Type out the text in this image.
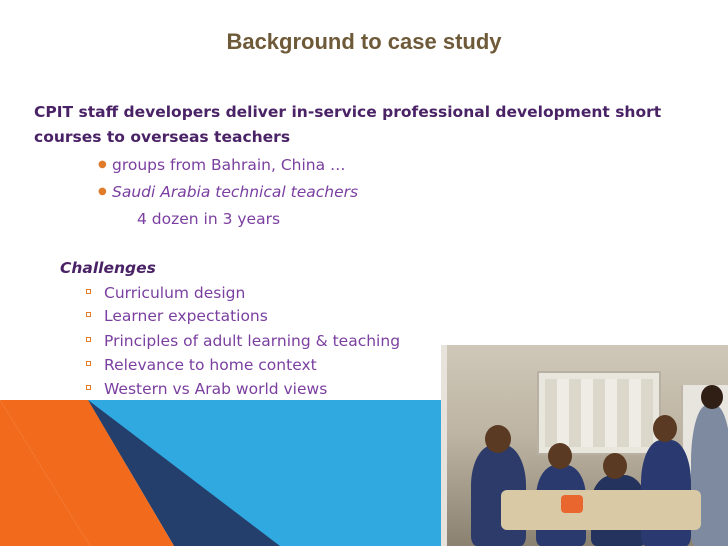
Background to case study
CPIT staff developers deliver in-service professional development short courses to overseas teachers
● groups from Bahrain, China …
● Saudi Arabia technical teachers
4 dozen in 3 years
Challenges
Curriculum design
Learner expectations
Principles of adult learning & teaching
Relevance to home context
Western vs Arab world views
